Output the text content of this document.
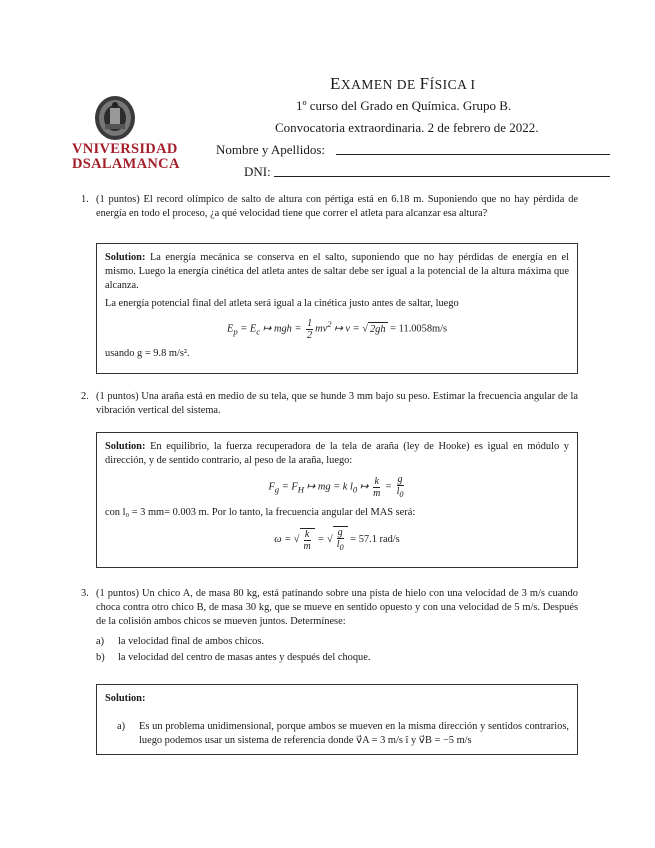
VNIVERSIDAD
DSALAMANCA
EXAMEN DE FÍSICA I
1º curso del Grado en Química. Grupo B.
Convocatoria extraordinaria. 2 de febrero de 2022.
Nombre y Apellidos:
DNI:
1. (1 puntos) El record olímpico de salto de altura con pértiga está en 6.18 m. Suponiendo que no hay pérdida de energía en todo el proceso, ¿a qué velocidad tiene que correr el atleta para alcanzar esa altura?
Solution: La energía mecánica se conserva en el salto, suponiendo que no hay pérdidas de energía en el mismo. Luego la energía cinética del atleta antes de saltar debe ser igual a la potencial de la altura máxima que alcanza.
La energía potencial final del atleta será igual a la cinética justo antes de saltar, luego
$E_p = E_c$ ↦ mgh = $\frac{1}{2} mv^2$ ↦ v = √ 2gh = 11.0058m/s
usando g = 9.8 m/s².
2. (1 puntos) Una araña está en medio de su tela, que se hunde 3 mm bajo su peso. Estimar la frecuencia angular de la vibración vertical del sistema.
Solution: En equilibrio, la fuerza recuperadora de la tela de araña (ley de Hooke) es igual en módulo y dirección, y de sentido contrario, al peso de la araña, luego:
$F_g = F_H$ ↦ mg = k $l_0$ ↦ $\frac{k}{m} = \frac{g}{l_0}$
con l₀ = 3 mm= 0.003 m. Por lo tanto, la frecuencia angular del MAS será:
ω = √ $\frac{k}{m}$ = √ $\frac{g}{l_0} = 57.1$ rad/s
3. (1 puntos) Un chico A, de masa 80 kg, está patinando sobre una pista de hielo con una velocidad de 3 m/s cuando choca contra otro chico B, de masa 30 kg, que se mueve en sentido opuesto y con una velocidad de 5 m/s. Después de la colisión ambos chicos se mueven juntos. Determínese:
a) la velocidad final de ambos chicos.
b) la velocidad del centro de masas antes y después del choque.
Solution:
a) Es un problema unidimensional, porque ambos se mueven en la misma dirección y sentidos contrarios, luego podemos usar un sistema de referencia donde v⃗A = 3 m/s î y v⃗B = −5 m/s
